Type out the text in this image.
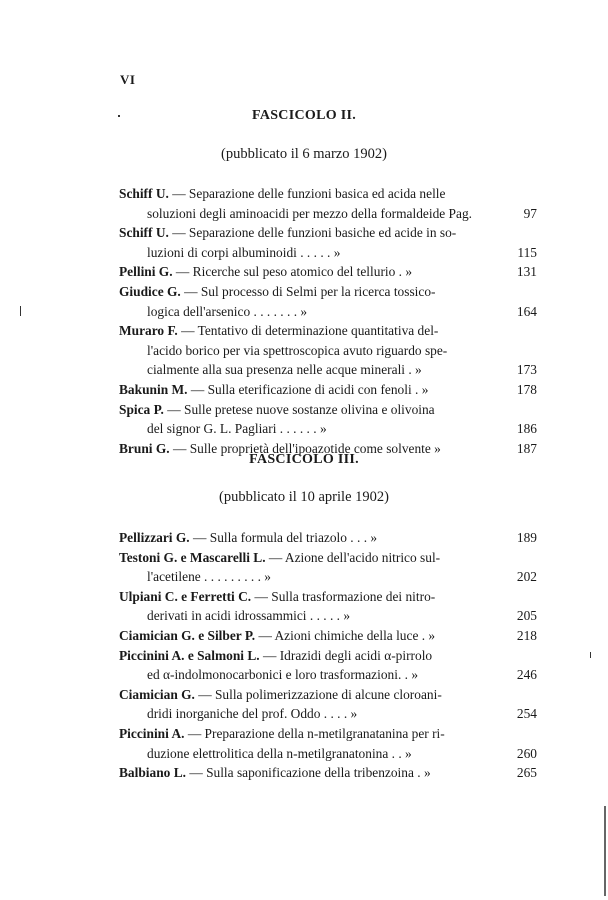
VI
FASCICOLO II.
(pubblicato il 6 marzo 1902)
Schiff U. — Separazione delle funzioni basica ed acida nelle
soluzioni degli aminoacidi per mezzo della formaldeide Pag.	97
Schiff U. — Separazione delle funzioni basiche ed acide in so-
luzioni di corpi albuminoidi . . . . . »	115
Pellini G. — Ricerche sul peso atomico del tellurio . »	131
Giudice G. — Sul processo di Selmi per la ricerca tossico-
logica dell'arsenico . . . . . . . »	164
Muraro F. — Tentativo di determinazione quantitativa del-
l'acido borico per via spettroscopica avuto riguardo spe-
cialmente alla sua presenza nelle acque minerali . »	173
Bakunin M. — Sulla eterificazione di acidi con fenoli . »	178
Spica P. — Sulle pretese nuove sostanze olivina e olivoina
del signor G. L. Pagliari . . . . . . »	186
Bruni G. — Sulle proprietà dell'ipoazotide come solvente »	187
FASCICOLO III.
(pubblicato il 10 aprile 1902)
Pellizzari G. — Sulla formula del triazolo . . . »	189
Testoni G. e Mascarelli L. — Azione dell'acido nitrico sul-
l'acetilene . . . . . . . . . »	202
Ulpiani C. e Ferretti C. — Sulla trasformazione dei nitro-
derivati in acidi idrossammici . . . . . »	205
Ciamician G. e Silber P. — Azioni chimiche della luce . »	218
Piccinini A. e Salmoni L. — Idrazidi degli acidi α-pirrolo
ed α-indolmonocarbonici e loro trasformazioni. . »	246
Ciamician G. — Sulla polimerizzazione di alcune cloroani-
dridi inorganiche del prof. Oddo . . . . »	254
Piccinini A. — Preparazione della n-metilgranatanina per ri-
duzione elettrolitica della n-metilgranatonina . . »	260
Balbiano L. — Sulla saponificazione della tribenzoina . »	265
